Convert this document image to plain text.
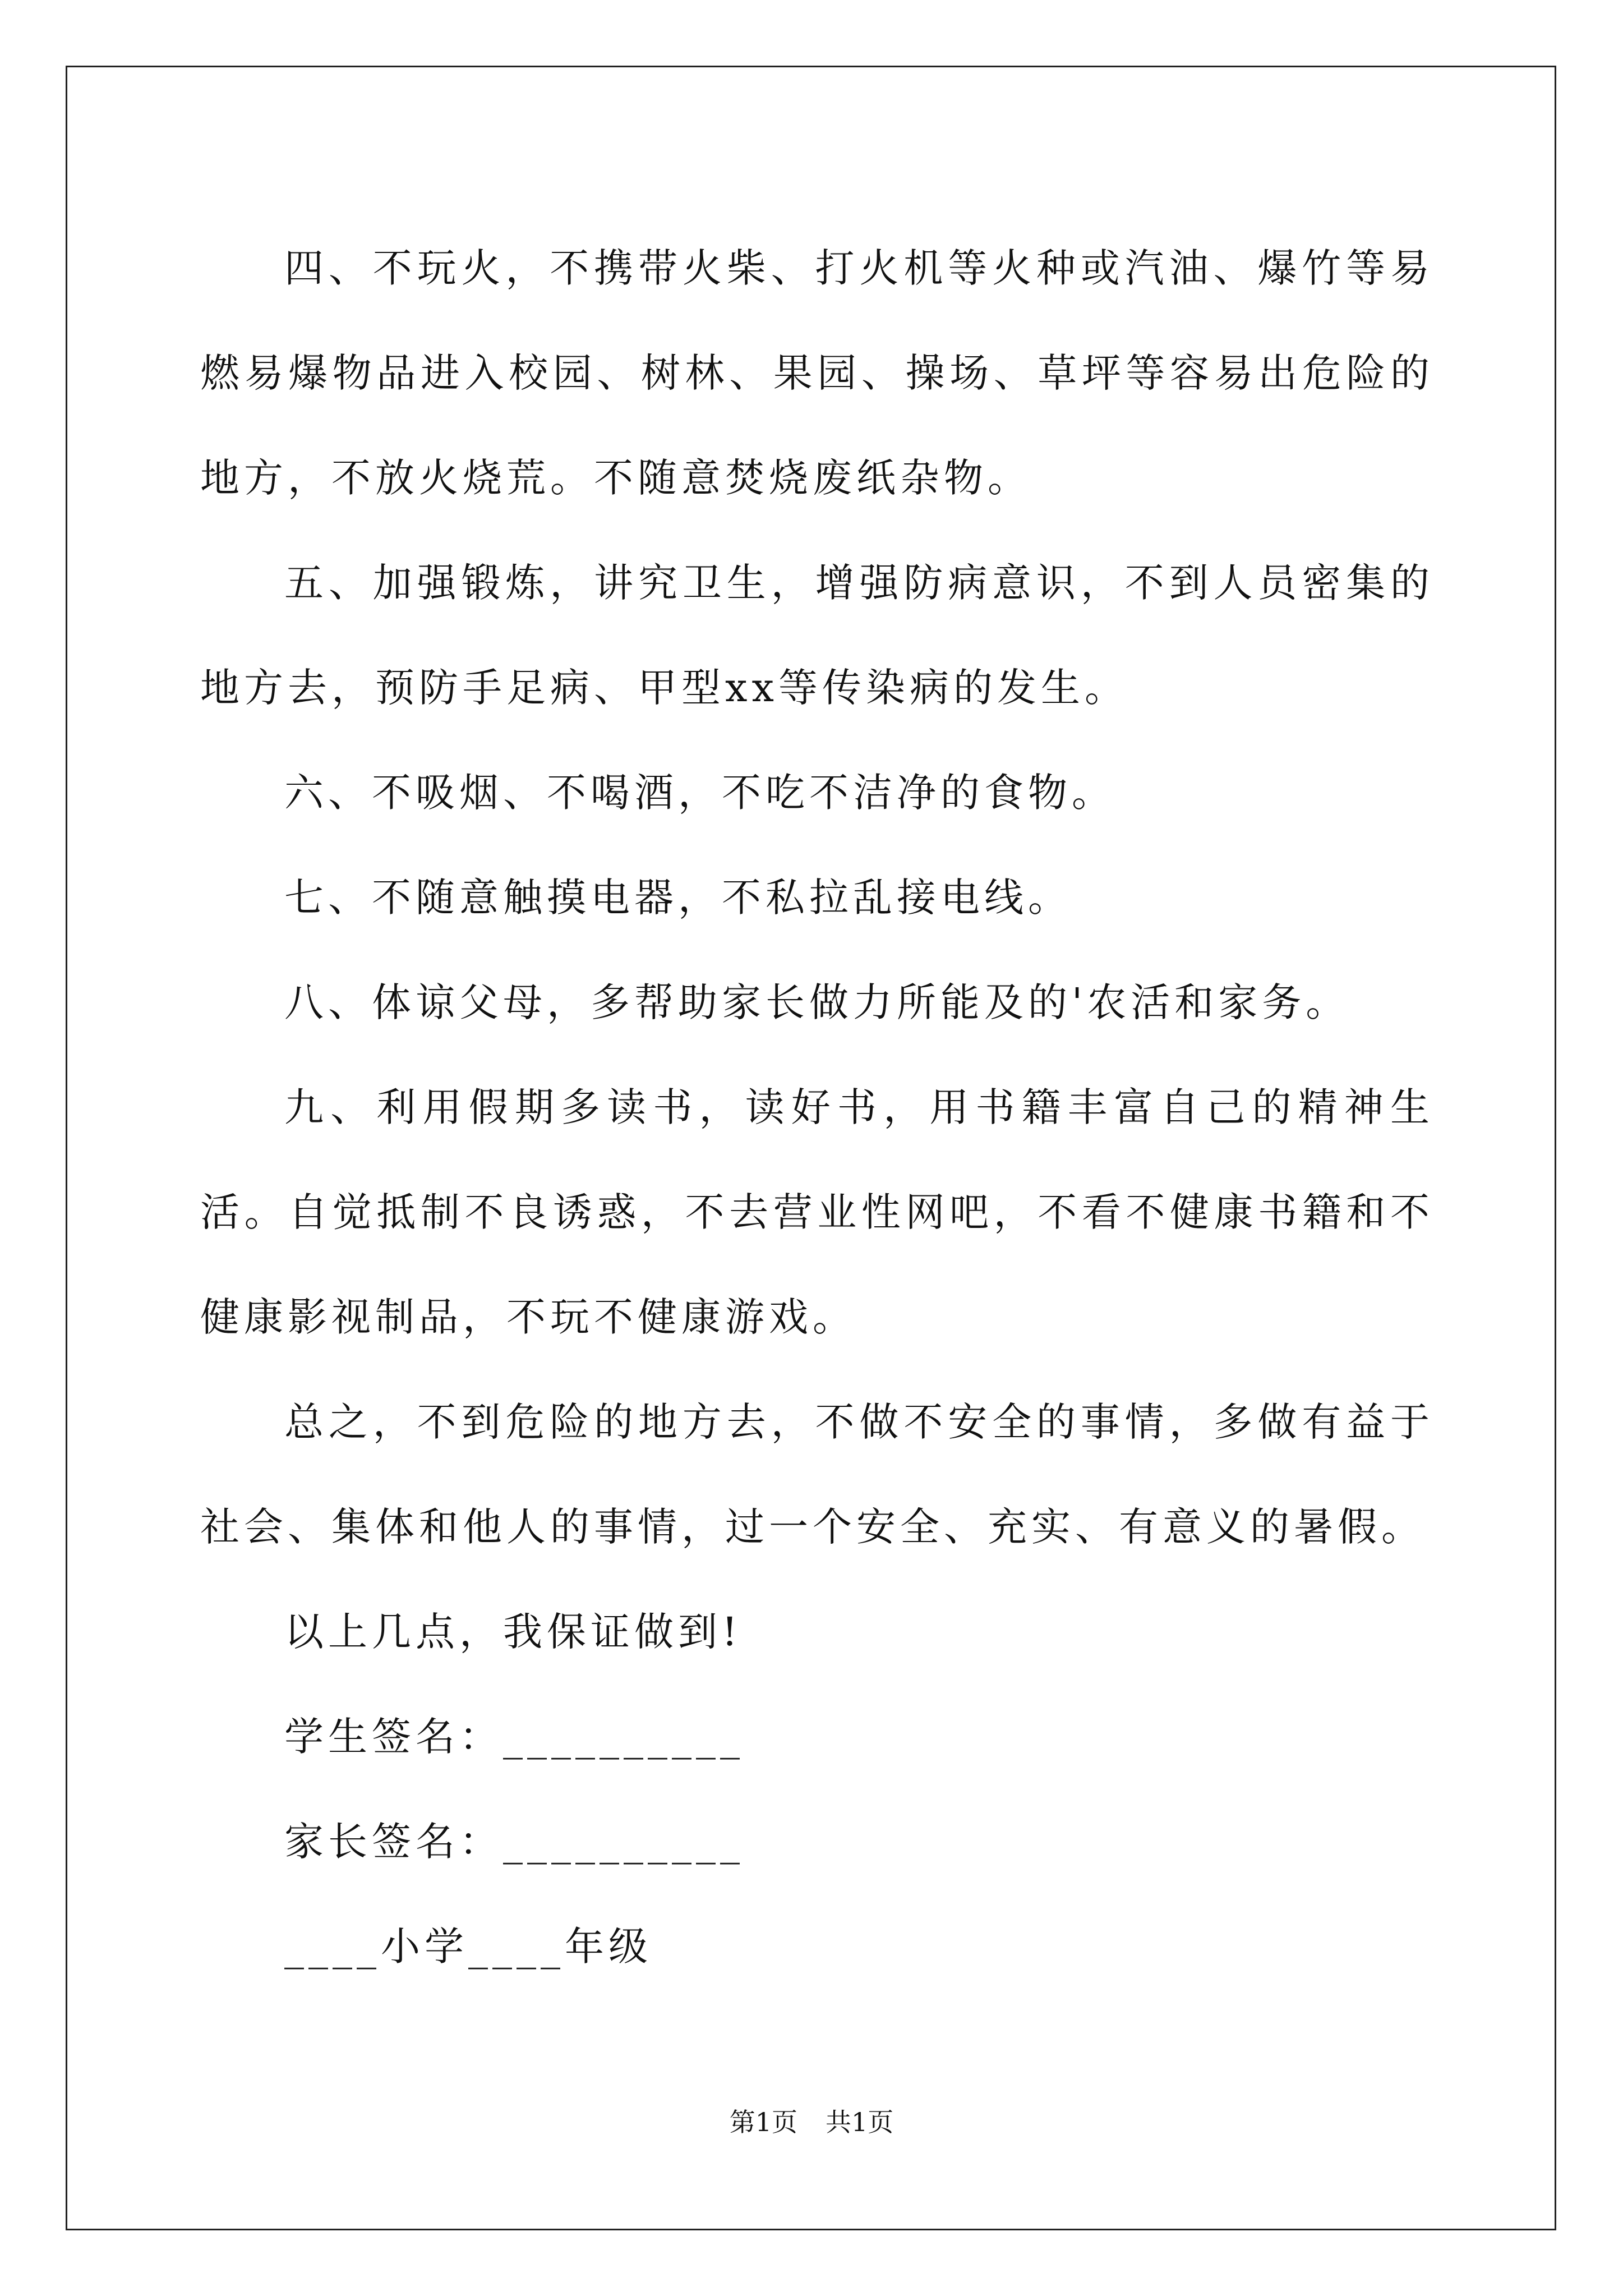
四、不玩火，不携带火柴、打火机等火种或汽油、爆竹等易燃易爆物品进入校园、树林、果园、操场、草坪等容易出危险的地方，不放火烧荒。不随意焚烧废纸杂物。

五、加强锻炼，讲究卫生，增强防病意识，不到人员密集的地方去，预防手足病、甲型xx等传染病的发生。

六、不吸烟、不喝酒，不吃不洁净的食物。

七、不随意触摸电器，不私拉乱接电线。

八、体谅父母，多帮助家长做力所能及的'农活和家务。

九、利用假期多读书，读好书，用书籍丰富自己的精神生活。自觉抵制不良诱惑，不去营业性网吧，不看不健康书籍和不健康影视制品，不玩不健康游戏。

总之，不到危险的地方去，不做不安全的事情，多做有益于社会、集体和他人的事情，过一个安全、充实、有意义的暑假。

以上几点，我保证做到!

学生签名：__________

家长签名：__________

____小学____年级

第1页 共1页
